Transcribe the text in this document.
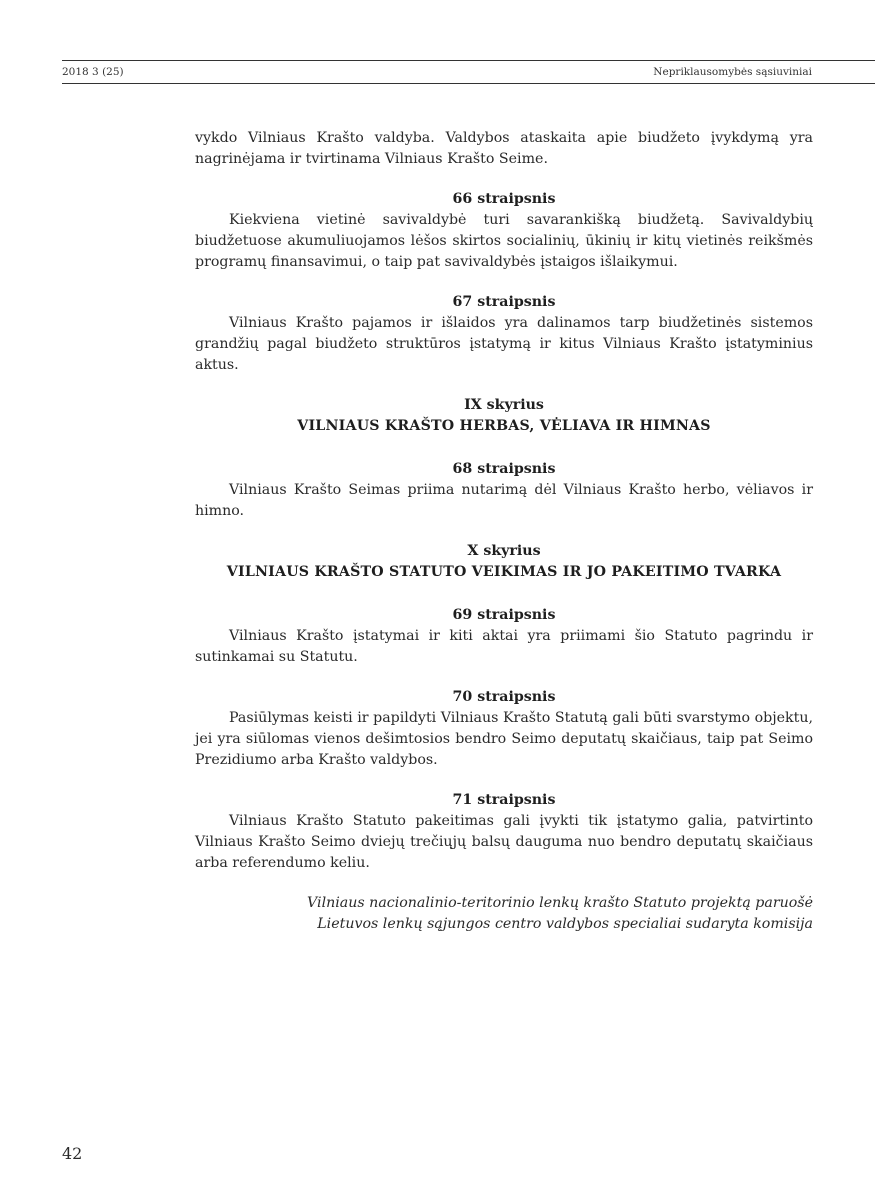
2018 3 (25)	Nepriklausomybės sąsiuviniai

vykdo Vilniaus Krašto valdyba. Valdybos ataskaita apie biudžeto įvykdymą yra nagrinėjama ir tvirtinama Vilniaus Krašto Seime.

66 straipsnis

Kiekviena vietinė savivaldybė turi savarankišką biudžetą. Savivaldybių biudžetuose akumuliuojamos lėšos skirtos socialinių, ūkinių ir kitų vietinės reikšmės programų finansavimui, o taip pat savivaldybės įstaigos išlaikymui.

67 straipsnis

Vilniaus Krašto pajamos ir išlaidos yra dalinamos tarp biudžetinės sistemos grandžių pagal biudžeto struktūros įstatymą ir kitus Vilniaus Krašto įstatyminius aktus.

IX skyrius

VILNIAUS KRAŠTO HERBAS, VĖLIAVA IR HIMNAS

68 straipsnis

Vilniaus Krašto Seimas priima nutarimą dėl Vilniaus Krašto herbo, vėliavos ir himno.

X skyrius

VILNIAUS KRAŠTO STATUTO VEIKIMAS IR JO PAKEITIMO TVARKA

69 straipsnis

Vilniaus Krašto įstatymai ir kiti aktai yra priimami šio Statuto pagrindu ir sutinkamai su Statutu.

70 straipsnis

Pasiūlymas keisti ir papildyti Vilniaus Krašto Statutą gali būti svarstymo objektu, jei yra siūlomas vienos dešimtosios bendro Seimo deputatų skaičiaus, taip pat Seimo Prezidiumo arba Krašto valdybos.

71 straipsnis

Vilniaus Krašto Statuto pakeitimas gali įvykti tik įstatymo galia, patvirtinto Vilniaus Krašto Seimo dviejų trečiųjų balsų dauguma nuo bendro deputatų skaičiaus arba referendumo keliu.

Vilniaus nacionalinio-teritorinio lenkų krašto Statuto projektą paruošė

Lietuvos lenkų sąjungos centro valdybos specialiai sudaryta komisija

42
